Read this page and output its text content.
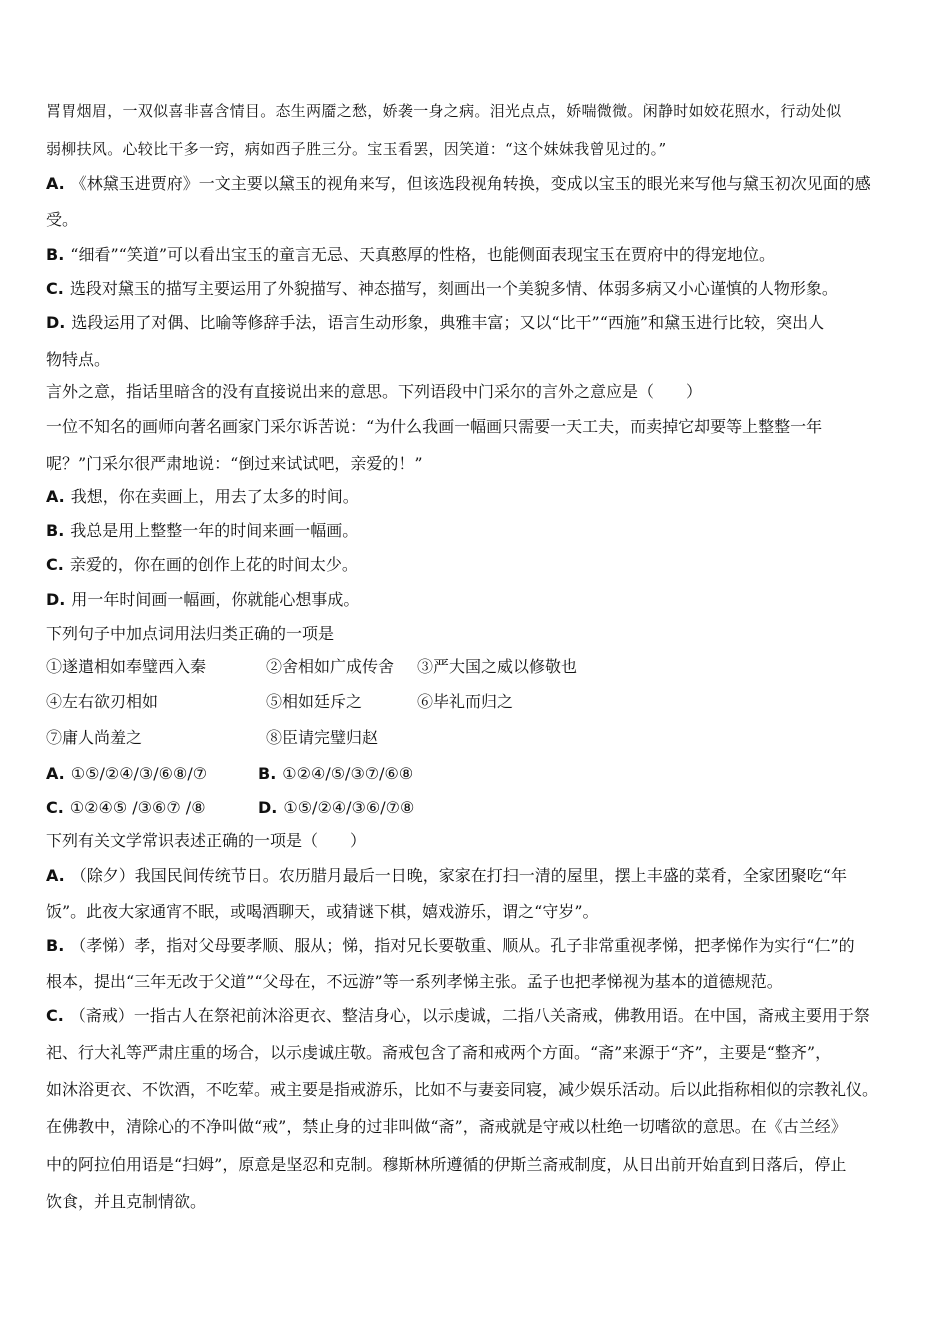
罥胃烟眉，一双似喜非喜含情目。态生两靥之愁，娇袭一身之病。泪光点点，娇喘微微。闲静时如姣花照水，行动处似
弱柳扶风。心较比干多一窍，病如西子胜三分。宝玉看罢，因笑道：“这个妹妹我曾见过的。”
A. 《林黛玉进贾府》一文主要以黛玉的视角来写，但该选段视角转换，变成以宝玉的眼光来写他与黛玉初次见面的感
受。
B. “细看”“笑道”可以看出宝玉的童言无忌、天真憨厚的性格，也能侧面表现宝玉在贾府中的得宠地位。
C. 选段对黛玉的描写主要运用了外貌描写、神态描写，刻画出一个美貌多情、体弱多病又小心谨慎的人物形象。
D. 选段运用了对偶、比喻等修辞手法，语言生动形象，典雅丰富；又以“比干”“西施”和黛玉进行比较，突出人
物特点。
言外之意，指话里暗含的没有直接说出来的意思。下列语段中门采尔的言外之意应是（　　）
一位不知名的画师向著名画家门采尔诉苦说：“为什么我画一幅画只需要一天工夫，而卖掉它却要等上整整一年
呢？”门采尔很严肃地说：“倒过来试试吧，亲爱的！”
A. 我想，你在卖画上，用去了太多的时间。
B. 我总是用上整整一年的时间来画一幅画。
C. 亲爱的，你在画的创作上花的时间太少。
D. 用一年时间画一幅画，你就能心想事成。
下列句子中加点词用法归类正确的一项是
①遂遣相如奉璧西入秦	②舍相如广成传舍 ③严大国之威以修敬也
④左右欲刃相如	⑤相如廷斥之	⑥毕礼而归之
⑦庸人尚羞之	⑧臣请完璧归赵
A. ①⑤/②④/③/⑥⑧/⑦	B. ①②④/⑤/③⑦/⑥⑧
C. ①②④⑤ /③⑥⑦ /⑧	D. ①⑤/②④/③⑥/⑦⑧
下列有关文学常识表述正确的一项是（　　）
A. （除夕）我国民间传统节日。农历腊月最后一日晚，家家在打扫一清的屋里，摆上丰盛的菜肴，全家团聚吃“年
饭”。此夜大家通宵不眠，或喝酒聊天，或猜谜下棋，嬉戏游乐，谓之“守岁”。
B. （孝悌）孝，指对父母要孝顺、服从；悌，指对兄长要敬重、顺从。孔子非常重视孝悌，把孝悌作为实行“仁”的
根本，提出“三年无改于父道”“父母在，不远游”等一系列孝悌主张。孟子也把孝悌视为基本的道德规范。
C. （斋戒）一指古人在祭祀前沐浴更衣、整洁身心，以示虔诚，二指八关斋戒，佛教用语。在中国，斋戒主要用于祭
祀、行大礼等严肃庄重的场合，以示虔诚庄敬。斋戒包含了斋和戒两个方面。“斋”来源于“齐”，主要是“整齐”，
如沐浴更衣、不饮酒，不吃荤。戒主要是指戒游乐，比如不与妻妾同寝，减少娱乐活动。后以此指称相似的宗教礼仪。
在佛教中，清除心的不净叫做“戒”，禁止身的过非叫做“斋”，斋戒就是守戒以杜绝一切嗜欲的意思。在《古兰经》
中的阿拉伯用语是“扫姆”，原意是坚忍和克制。穆斯林所遵循的伊斯兰斋戒制度，从日出前开始直到日落后，停止
饮食，并且克制情欲。
